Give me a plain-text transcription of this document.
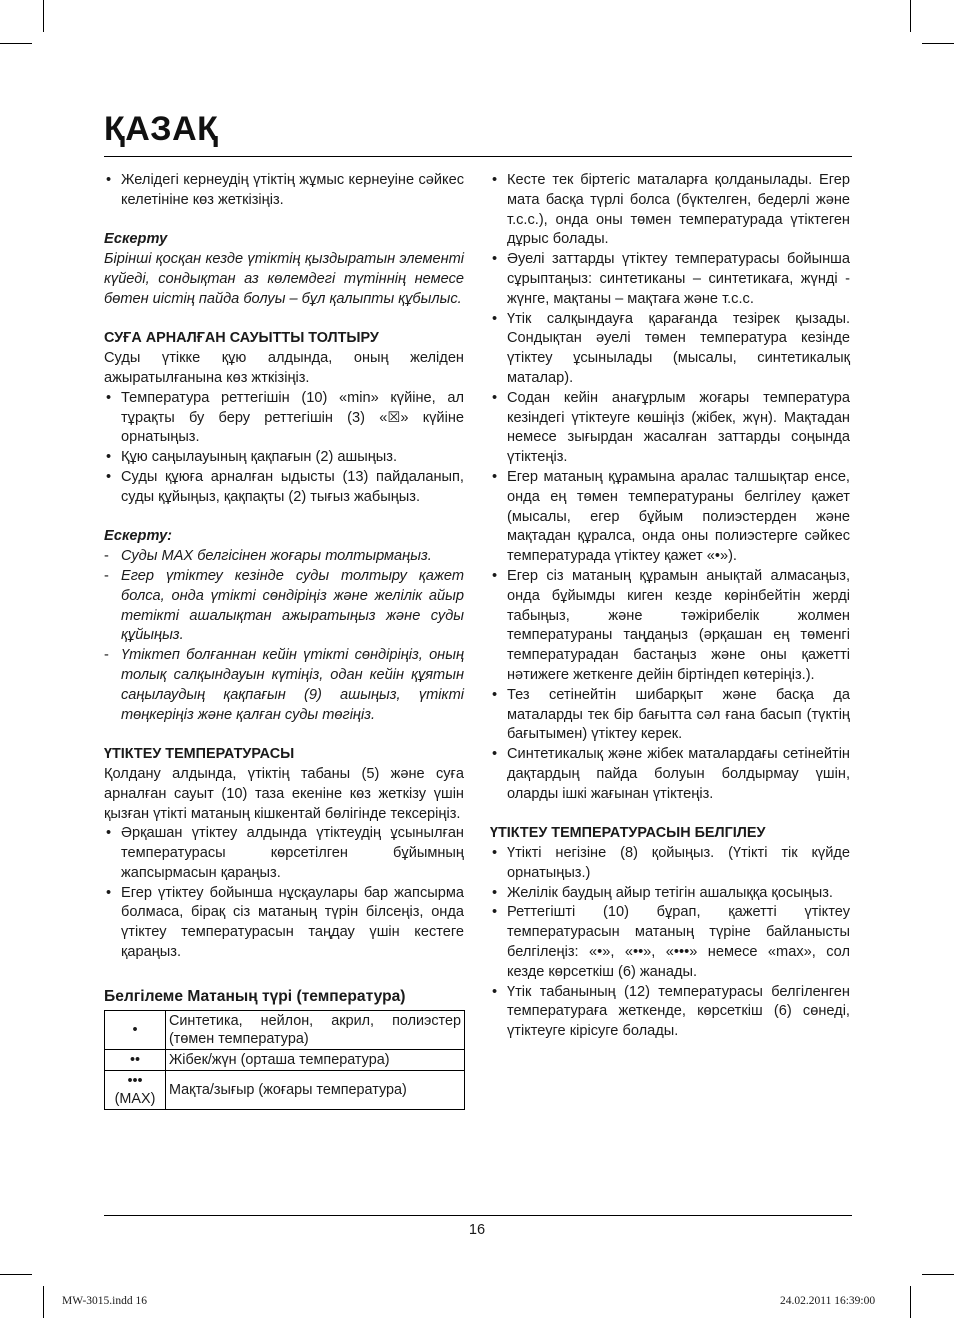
ҚАЗАҚ
• Желідегі кернеудің үтіктің жұмыс кернеуіне сәйкес келетініне көз жеткізіңіз.

Ескерту

Бірінші қосқан кезде үтіктің қыздыратын элементі күйеді, сондықтан аз көлемдегі түтіннің немесе бөтен иістің пайда болуы – бұл қалыпты құбылыс.

СУҒА АРНАЛҒАН САУЫТТЫ ТОЛТЫРУ

Суды үтікке құю алдында, оның желіден ажыратылғанына көз жткізіңіз.

• Температура реттегішін (10) «min» күйіне, ал тұрақты бу беру реттегішін (3) «☒» күйіне орнатыңыз.
• Құю саңылауының қақпағын (2) ашыңыз.
• Суды құюға арналған ыдысты (13) пайдаланып, суды құйыңыз, қақпақты (2) тығыз жабыңыз.

Ескерту:

- Суды MAX белгісінен жоғары толтырмаңыз.
- Егер үтіктеу кезінде суды толтыру қажет болса, онда үтікті сөндіріңіз және желілік айыр тетікті ашалықтан ажыратыңыз және суды құйыңыз.
- Үтіктеп болғаннан кейін үтікті сөндіріңіз, оның толық салқындауын күтіңіз, одан кейін құятын саңылаудың қақпағын (9) ашыңыз, үтікті төңкеріңіз және қалған суды төгіңіз.

ҮТІКТЕУ ТЕМПЕРАТУРАСЫ

Қолдану алдында, үтіктің табаны (5) және суға арналған сауыт (10) таза екеніне көз жеткізу үшін қызған үтікті матаның кішкентай бөлігінде тексеріңіз.

• Әрқашан үтіктеу алдында үтіктеудің ұсынылған температурасы көрсетілген бұйымның жапсырмасын қараңыз.
• Егер үтіктеу бойынша нұсқаулары бар жапсырма болмаса, бірақ сіз матаның түрін білсеңіз, онда үтіктеу температурасын таңдау үшін кестеге қараңыз.

Белгілеме Матаның түрі (температура)

•	Синтетика, нейлон, акрил, полиэстер (төмен температура)
••	Жібек/жүн (орташа температура)

•••
(MAX)	Мақта/зығыр (жоғары температура)
• Кесте тек біртегіс маталарға қолданылады. Егер мата басқа түрлі болса (бүктелген, бедерлі және т.с.с.), онда оны төмен температурада үтіктеген дұрыс болады.
• Әуелі заттарды үтіктеу температурасы бойынша сұрыптаңыз: синтетиканы – синтетикаға, жүнді - жүнге, мақтаны – мақтаға және т.с.с.
• Үтік салқындауға қарағанда тезірек қызады. Сондықтан әуелі төмен температура кезінде үтіктеу ұсынылады (мысалы, синтетикалық маталар).
• Содан кейін анағұрлым жоғары температура кезіндегі үтіктеуге көшіңіз (жібек, жүн). Мақтадан немесе зығырдан жасалған заттарды соңында үтіктеңіз.
• Егер матаның құрамына аралас талшықтар енсе, онда ең төмен температураны белгілеу қажет (мысалы, егер бұйым полиэстерден және мақтадан құралса, онда оны полиэстерге сәйкес температурада үтіктеу қажет «•»).
• Егер сіз матаның құрамын анықтай алмасаңыз, онда бұйымды киген кезде көрінбейтін жерді табыңыз, және тәжірибелік жолмен температураны таңдаңыз (әрқашан ең төменгі температурадан бастаңыз және оны қажетті нәтижеге жеткенге дейін біртіндеп көтеріңіз.).
• Тез сетінейтін шибарқыт және басқа да маталарды тек бір бағытта сәл ғана басып (түктің бағытымен) үтіктеу керек.
• Синтетикалық және жібек маталардағы сетінейтін дақтардың пайда болуын болдырмау үшін, оларды ішкі жағынан үтіктеңіз.

ҮТІКТЕУ ТЕМПЕРАТУРАСЫН БЕЛГІЛЕУ

• Үтікті негізіне (8) қойыңыз. (Үтікті тік күйде орнатыңыз.)
• Желілік баудың айыр тетігін ашалыққа қосыңыз.
• Реттегішті (10) бұрап, қажетті үтіктеу температурасын матаның түріне байланысты белгілеңіз: «•», «••», «•••» немесе «max», сол кезде көрсеткіш (6) жанады.
• Үтік табанының (12) температурасы белгіленген температураға жеткенде, көрсеткіш (6) сөнеді, үтіктеуге кірісуге болады.
16
MW-3015.indd 16	24.02.2011 16:39:00
